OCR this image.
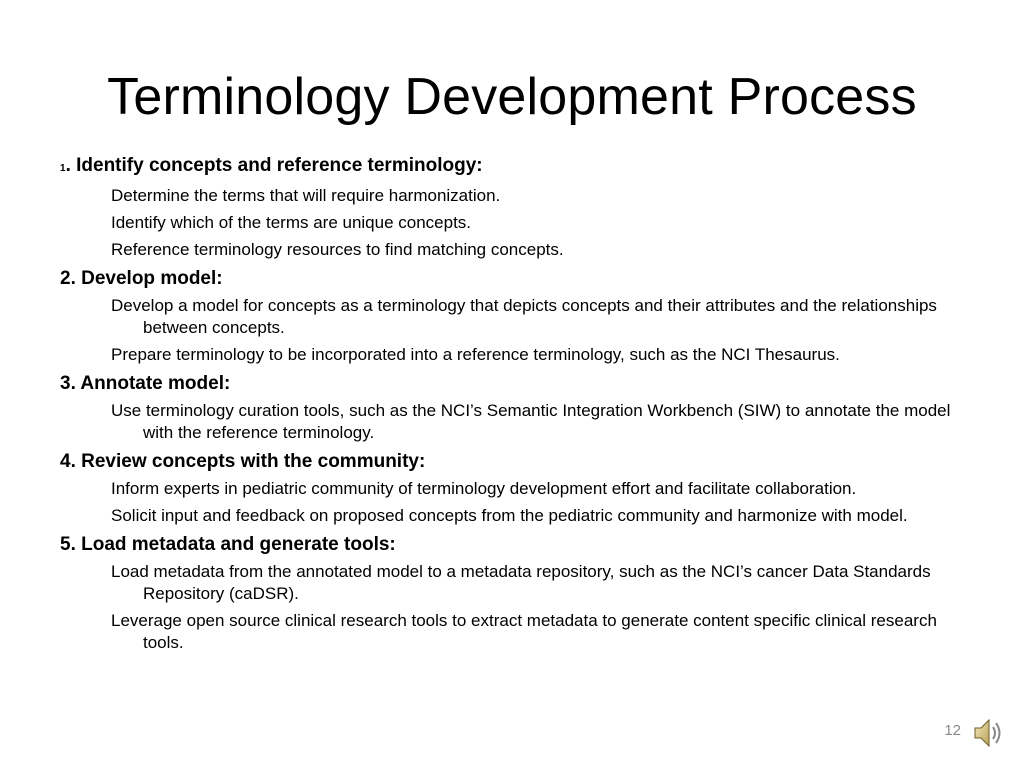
Terminology Development Process
1. Identify concepts and reference terminology:
Determine the terms that will require harmonization.
Identify which of the terms are unique concepts.
Reference terminology resources to find matching concepts.
2. Develop model:
Develop a model for concepts as a terminology that depicts concepts and their attributes and the relationships between concepts.
Prepare terminology to be incorporated into a reference terminology, such as the NCI Thesaurus.
3. Annotate model:
Use terminology curation tools, such as the NCI’s Semantic Integration Workbench (SIW) to annotate the model with the reference terminology.
4. Review concepts with the community:
Inform experts in pediatric community of terminology development effort and facilitate collaboration.
Solicit input and feedback on proposed concepts from the pediatric community and harmonize with model.
5. Load metadata and generate tools:
Load metadata from the annotated model to a metadata repository, such as the NCI’s cancer Data Standards Repository (caDSR).
Leverage open source clinical research tools to extract metadata to generate content specific clinical research tools.
12
